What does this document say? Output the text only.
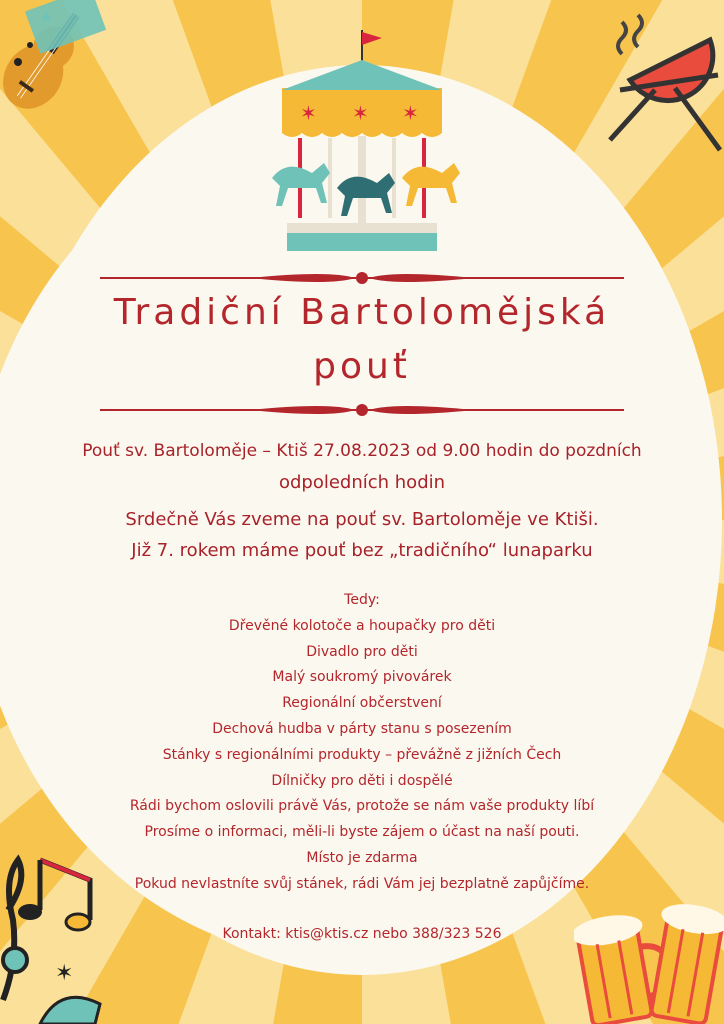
★
✶ ✶ ✶
Tradiční Bartolomějská
pouť
Pouť sv. Bartoloměje – Ktiš 27.08.2023 od 9.00 hodin do pozdních
odpoledních hodin
Srdečně Vás zveme na pouť sv. Bartoloměje ve Ktiši.
Již 7. rokem máme pouť bez „tradičního“ lunaparku
Tedy:
Dřevěné kolotoče a houpačky pro děti
Divadlo pro děti
Malý soukromý pivovárek
Regionální občerstvení
Dechová hudba v párty stanu s posezením
Stánky s regionálními produkty – převážně z jižních Čech
Dílničky pro děti i dospělé
Rádi bychom oslovili právě Vás, protože se nám vaše produkty líbí
Prosíme o informaci, měli-li byste zájem o účast na naší pouti.
Místo je zdarma
Pokud nevlastníte svůj stánek, rádi Vám jej bezplatně zapůjčíme.
Kontakt: ktis@ktis.cz nebo 388/323 526
✶
